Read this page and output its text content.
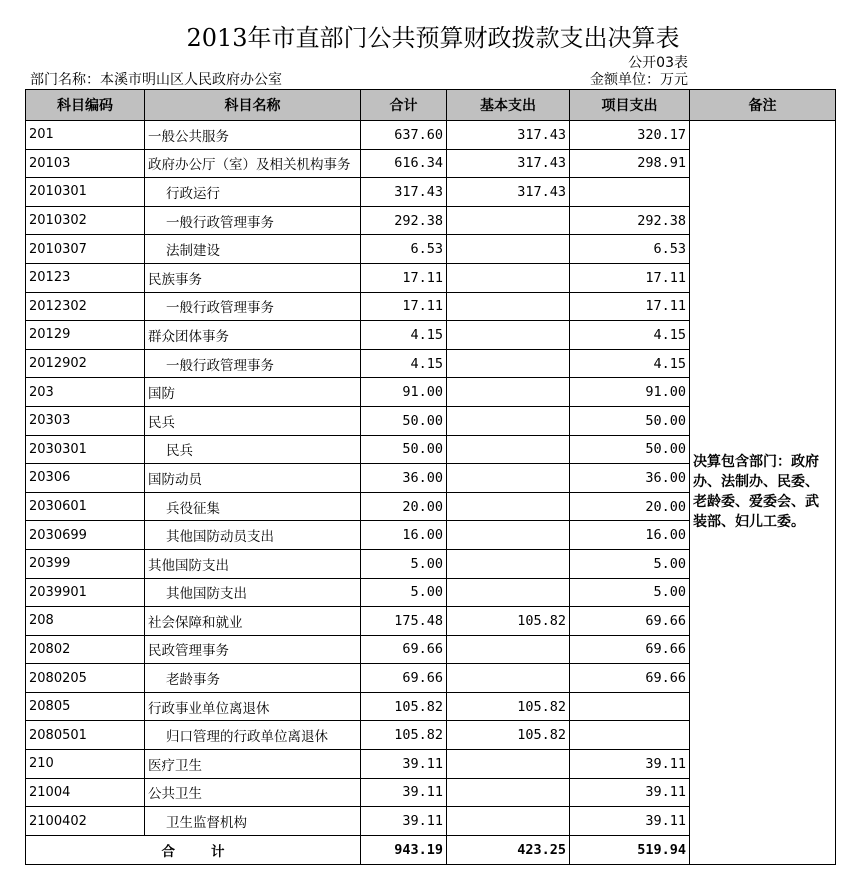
2013年市直部门公共预算财政拨款支出决算表
公开03表
部门名称：本溪市明山区人民政府办公室	金额单位：万元
科目编码	科目名称	合计	基本支出	项目支出	备注
201	一般公共服务	637.60	317.43	320.17	决算包含部门：政府办、法制办、民委、老龄委、爱委会、武装部、妇儿工委。
20103	政府办公厅（室）及相关机构事务	616.34	317.43	298.91	
2010301	行政运行	317.43	317.43		
2010302	一般行政管理事务	292.38		292.38	
2010307	法制建设	6.53		6.53	
20123	民族事务	17.11		17.11	
2012302	一般行政管理事务	17.11		17.11	
20129	群众团体事务	4.15		4.15	
2012902	一般行政管理事务	4.15		4.15	
203	国防	91.00		91.00	
20303	民兵	50.00		50.00	
2030301	民兵	50.00		50.00	
20306	国防动员	36.00		36.00	
2030601	兵役征集	20.00		20.00	
2030699	其他国防动员支出	16.00		16.00	
20399	其他国防支出	5.00		5.00	
2039901	其他国防支出	5.00		5.00	
208	社会保障和就业	175.48	105.82	69.66	
20802	民政管理事务	69.66		69.66	
2080205	老龄事务	69.66		69.66	
20805	行政事业单位离退休	105.82	105.82		
2080501	归口管理的行政单位离退休	105.82	105.82		
210	医疗卫生	39.11		39.11	
21004	公共卫生	39.11		39.11	
2100402	卫生监督机构	39.11		39.11	
合 计		943.19	423.25	519.94	
